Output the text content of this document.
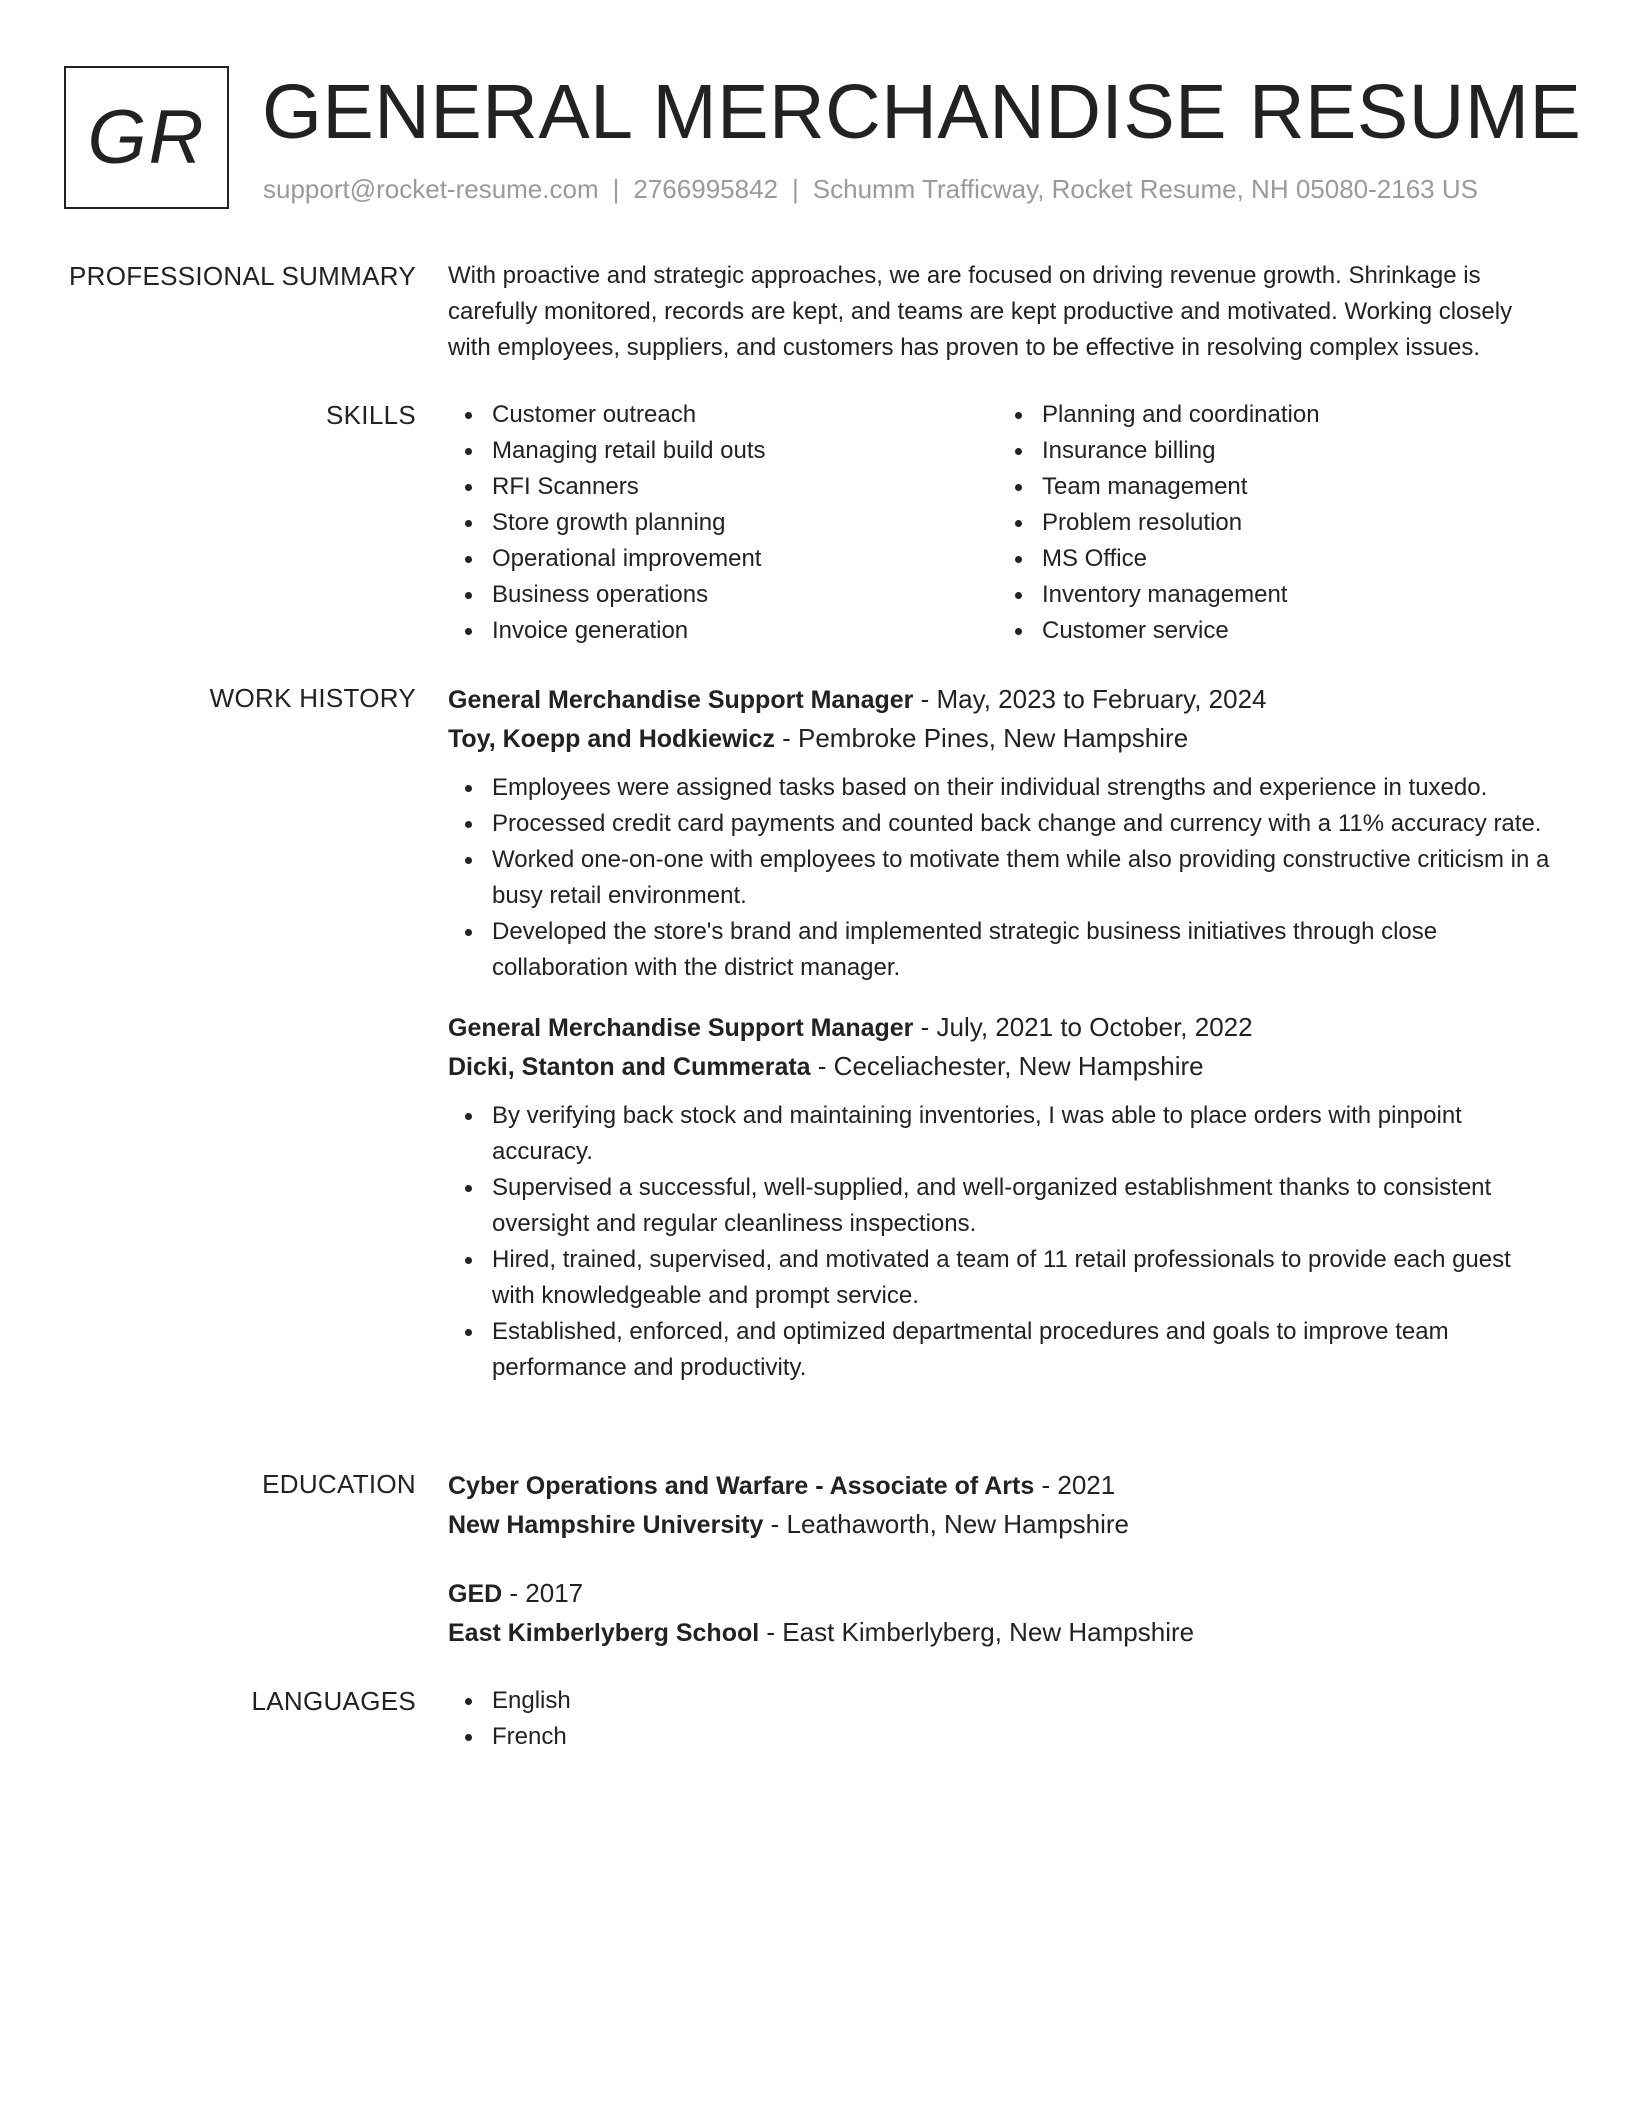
GR GENERAL MERCHANDISE RESUME
support@rocket-resume.com | 2766995842 | Schumm Trafficway, Rocket Resume, NH 05080-2163 US
PROFESSIONAL SUMMARY With proactive and strategic approaches, we are focused on driving revenue growth. Shrinkage is carefully monitored, records are kept, and teams are kept productive and motivated. Working closely with employees, suppliers, and customers has proven to be effective in resolving complex issues.

SKILLS	Customer outreach
Managing retail build outs
RFI Scanners
Store growth planning
Operational improvement
Business operations
Invoice generation
Planning and coordination
Insurance billing
Team management
Problem resolution
MS Office
Inventory management
Customer service
WORK HISTORY General Merchandise Support Manager - May, 2023 to February, 2024
Toy, Koepp and Hodkiewicz - Pembroke Pines, New Hampshire
Employees were assigned tasks based on their individual strengths and experience in tuxedo.
Processed credit card payments and counted back change and currency with a 11% accuracy rate.
Worked one-on-one with employees to motivate them while also providing constructive criticism in a busy retail environment.
Developed the store's brand and implemented strategic business initiatives through close collaboration with the district manager.
General Merchandise Support Manager - July, 2021 to October, 2022
Dicki, Stanton and Cummerata - Ceceliachester, New Hampshire
By verifying back stock and maintaining inventories, I was able to place orders with pinpoint accuracy.
Supervised a successful, well-supplied, and well-organized establishment thanks to consistent oversight and regular cleanliness inspections.
Hired, trained, supervised, and motivated a team of 11 retail professionals to provide each guest with knowledgeable and prompt service.
Established, enforced, and optimized departmental procedures and goals to improve team performance and productivity.
EDUCATION Cyber Operations and Warfare - Associate of Arts - 2021
New Hampshire University - Leathaworth, New Hampshire
GED - 2017
East Kimberlyberg School - East Kimberlyberg, New Hampshire
LANGUAGES	English
French
